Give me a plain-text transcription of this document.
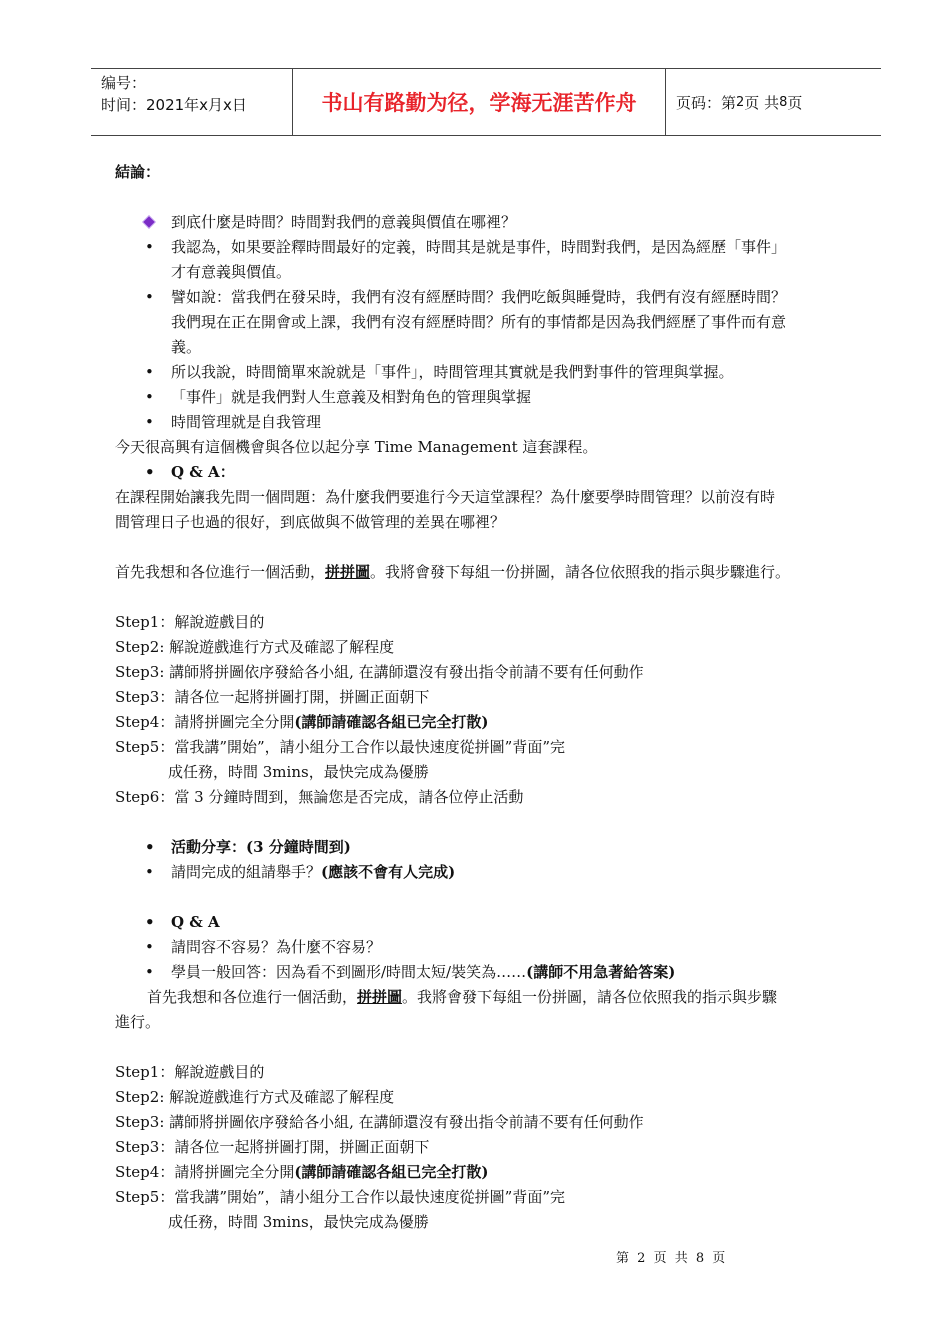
编号：
时间：2021年x月x日	书山有路勤为径，学海无涯苦作舟	页码：第 2 页 共 8 页
結論：
到底什麼是時間？時間對我們的意義與價值在哪裡？
• 我認為，如果要詮釋時間最好的定義，時間其是就是事件，時間對我們，是因為經歷「事件」
才有意義與價值。
• 譬如說：當我們在發呆時，我們有沒有經歷時間？我們吃飯與睡覺時，我們有沒有經歷時間？
我們現在正在開會或上課，我們有沒有經歷時間？所有的事情都是因為我們經歷了事件而有意
義。
• 所以我說，時間簡單來說就是「事件」，時間管理其實就是我們對事件的管理與掌握。
• 「事件」就是我們對人生意義及相對角色的管理與掌握
• 時間管理就是自我管理
今天很高興有這個機會與各位以起分享 Time Management 這套課程。
• Q & A：
在課程開始讓我先問一個問題：為什麼我們要進行今天這堂課程？為什麼要學時間管理？以前沒有時
間管理日子也過的很好，到底做與不做管理的差異在哪裡？
首先我想和各位進行一個活動，拼拼圖。我將會發下每組一份拼圖，請各位依照我的指示與步驟進行。
Step1：解說遊戲目的
Step2: 解說遊戲進行方式及確認了解程度
Step3: 講師將拼圖依序發給各小組, 在講師還沒有發出指令前請不要有任何動作
Step3：請各位一起將拼圖打開，拼圖正面朝下
Step4：請將拼圖完全分開(講師請確認各組已完全打散)
Step5：當我講”開始”，請小組分工合作以最快速度從拼圖”背面”完
成任務，時間 3mins，最快完成為優勝
Step6：當 3 分鐘時間到，無論您是否完成，請各位停止活動
• 活動分享：(3 分鐘時間到)
• 請問完成的組請舉手？(應該不會有人完成)
• Q & A
• 請問容不容易？為什麼不容易？
• 學員一般回答：因為看不到圖形/時間太短/裝笑為……(講師不用急著給答案)
首先我想和各位進行一個活動，拼拼圖。我將會發下每組一份拼圖，請各位依照我的指示與步驟
進行。
Step1：解說遊戲目的
Step2: 解說遊戲進行方式及確認了解程度
Step3: 講師將拼圖依序發給各小組, 在講師還沒有發出指令前請不要有任何動作
Step3：請各位一起將拼圖打開，拼圖正面朝下
Step4：請將拼圖完全分開(講師請確認各組已完全打散)
Step5：當我講”開始”，請小組分工合作以最快速度從拼圖”背面”完
成任務，時間 3mins，最快完成為優勝
第 2 页 共 8 页
